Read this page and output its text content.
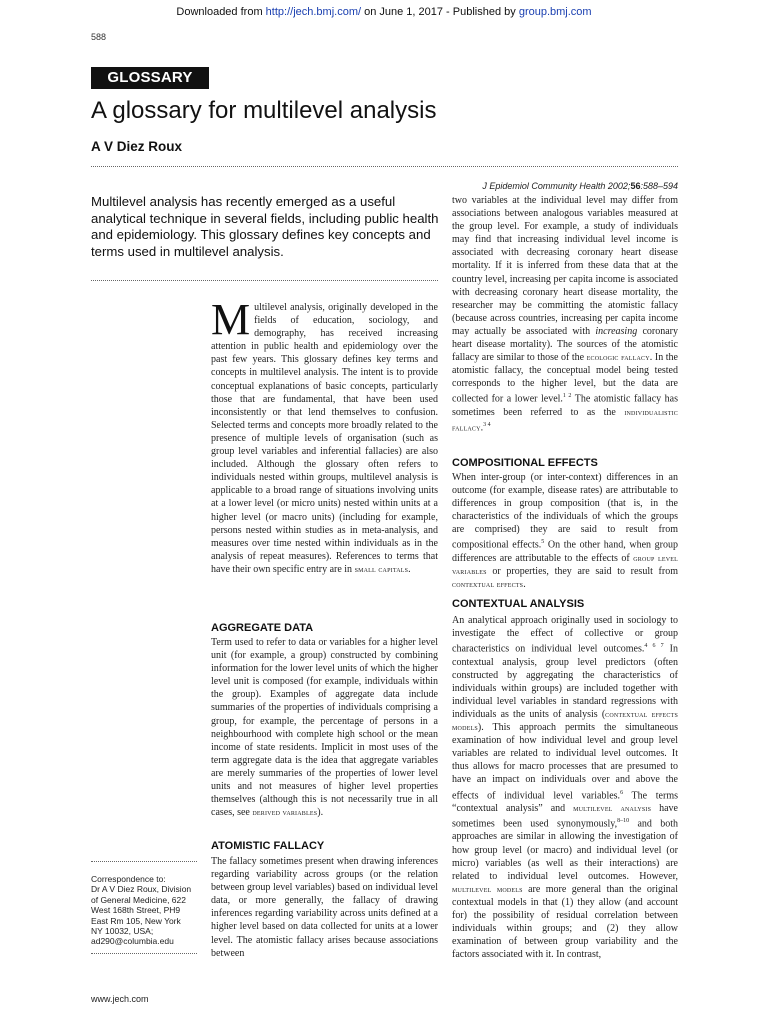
Downloaded from http://jech.bmj.com/ on June 1, 2017 - Published by group.bmj.com
588
GLOSSARY
A glossary for multilevel analysis
A V Diez Roux
J Epidemiol Community Health 2002;56:588–594
Multilevel analysis has recently emerged as a useful analytical technique in several fields, including public health and epidemiology. This glossary defines key concepts and terms used in multilevel analysis.
Multilevel analysis, originally developed in the fields of education, sociology, and demography, has received increasing attention in public health and epidemiology over the past few years. This glossary defines key terms and concepts in multilevel analysis. The intent is to provide conceptual explanations of basic concepts, particularly those that are fundamental, that have been used inconsistently or that lend themselves to confusion. Selected terms and concepts more broadly related to the presence of multiple levels of organisation (such as group level variables and inferential fallacies) are also included. Although the glossary often refers to individuals nested within groups, multilevel analysis is applicable to a broad range of situations involving units at a lower level (or micro units) nested within units at a higher level (or macro units) (including for example, persons nested within studies as in meta-analysis, and measures over time nested within individuals as in the analysis of repeat measures). References to terms that have their own specific entry are in small capitals.
AGGREGATE DATA
Term used to refer to data or variables for a higher level unit (for example, a group) constructed by combining information for the lower level units of which the higher level unit is composed (for example, individuals within the group). Examples of aggregate data include summaries of the properties of individuals comprising a group, for example, the percentage of persons in a neighbourhood with complete high school or the mean income of state residents. Implicit in most uses of the term aggregate data is the idea that aggregate variables are merely summaries of the properties of lower level units and not measures of higher level properties themselves (although this is not necessarily true in all cases, see derived variables).
ATOMISTIC FALLACY
The fallacy sometimes present when drawing inferences regarding variability across groups (or the relation between group level variables) based on individual level data, or more generally, the fallacy of drawing inferences regarding variability across units defined at a higher level based on data collected for units at a lower level. The atomistic fallacy arises because associations between
two variables at the individual level may differ from associations between analogous variables measured at the group level. For example, a study of individuals may find that increasing individual level income is associated with decreasing coronary heart disease mortality. If it is inferred from these data that at the country level, increasing per capita income is associated with decreasing coronary heart disease mortality, the researcher may be committing the atomistic fallacy (because across countries, increasing per capita income may actually be associated with increasing coronary heart disease mortality). The sources of the atomistic fallacy are similar to those of the ecologic fallacy. In the atomistic fallacy, the conceptual model being tested corresponds to the higher level, but the data are collected for a lower level.$^{1 2}$ The atomistic fallacy has sometimes been referred to as the individualistic fallacy.$^{3 4}$
COMPOSITIONAL EFFECTS
When inter-group (or inter-context) differences in an outcome (for example, disease rates) are attributable to differences in group composition (that is, in the characteristics of the individuals of which the groups are comprised) they are said to result from compositional effects.$^5$ On the other hand, when group differences are attributable to the effects of group level variables or properties, they are said to result from contextual effects.
CONTEXTUAL ANALYSIS
An analytical approach originally used in sociology to investigate the effect of collective or group characteristics on individual level outcomes.$^{4 6 7}$ In contextual analysis, group level predictors (often constructed by aggregating the characteristics of individuals within groups) are included together with individual level variables in standard regressions with individuals as the units of analysis (contextual effects models). This approach permits the simultaneous examination of how individual level and group level variables are related to individual level outcomes. It thus allows for macro processes that are presumed to have an impact on individuals over and above the effects of individual level variables.$^6$ The terms “contextual analysis” and multilevel analysis have sometimes been used synonymously,$^{8-10}$ and both approaches are similar in allowing the investigation of how group level (or macro) and individual level (or micro) variables (as well as their interactions) are related to individual level outcomes. However, multilevel models are more general than the original contextual models in that (1) they allow (and account for) the possibility of residual correlation between individuals within groups; and (2) they allow examination of between group variability and the factors associated with it. In contrast,
Correspondence to:
Dr A V Diez Roux, Division
of General Medicine, 622
West 168th Street, PH9
East Rm 105, New York
NY 10032, USA;
ad290@columbia.edu
www.jech.com
